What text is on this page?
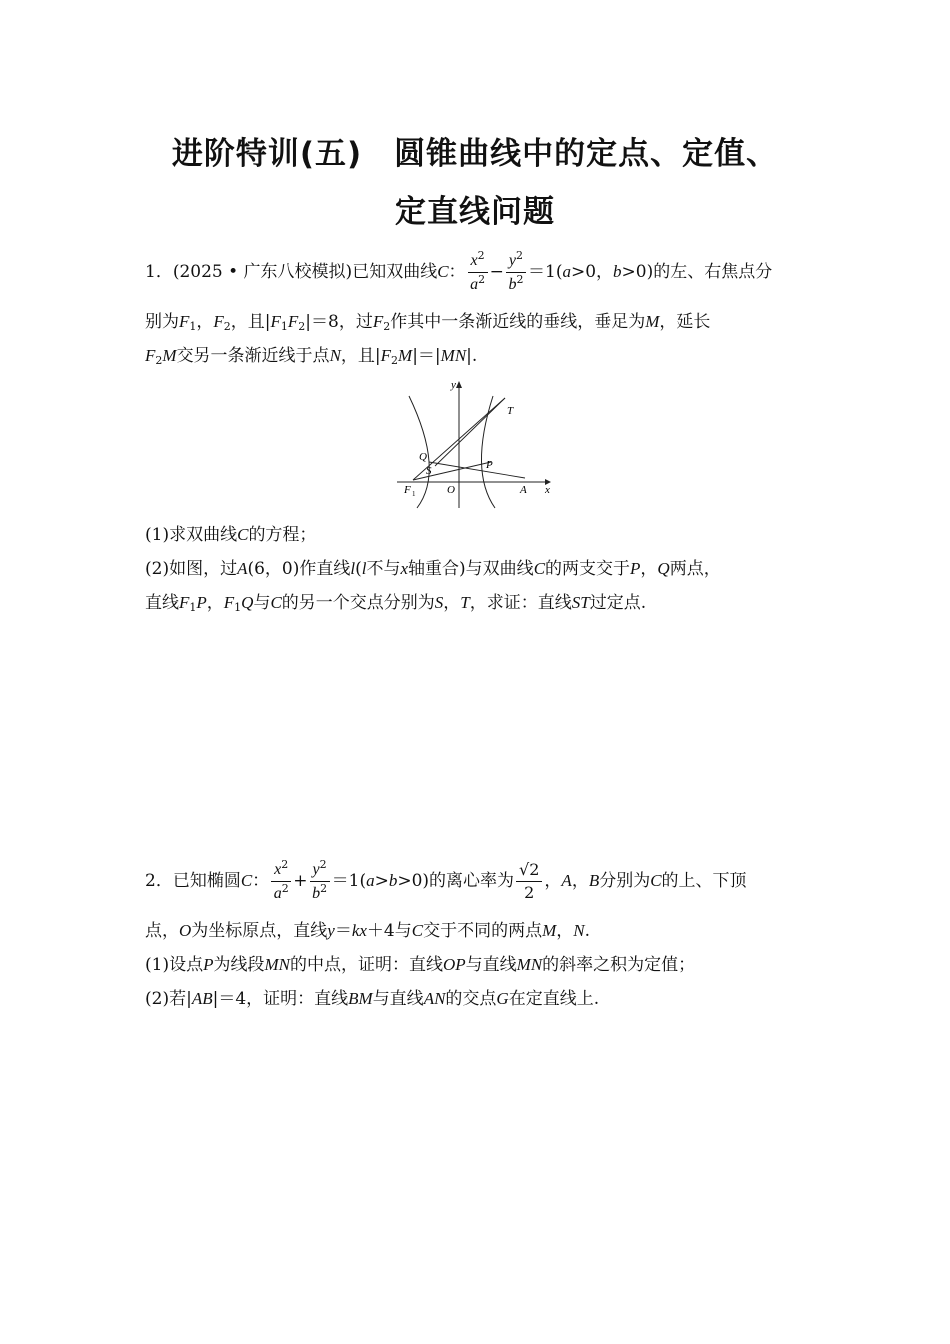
进阶特训(五)　圆锥曲线中的定点、定值、
定直线问题
1．(2025 • 广东八校模拟)已知双曲线C： $\frac{x^2}{a^2} - \frac{y^2}{b^2} =1(a>0$，b>0)的左、右焦点分
别为$F_1$，$F_2$，且$|F_1F_2|=8$，过$F_2$作其中一条渐近线的垂线，垂足为M，延长
$F_2M$交另一条渐近线于点N，且$|F_2M|=|MN|$.
y
x
T
Q
S	P
F 1	O	A
(1)求双曲线C的方程；
(2)如图，过A(6，0)作直线l(l不与x轴重合)与双曲线C的两支交于P，Q两点，
直线$F_1P$，$F_1Q$与C的另一个交点分别为S，T，求证：直线ST过定点.
2．已知椭圆C： $\frac{x^2}{a^2} + \frac{y^2}{b^2} =1(a>b>0)$的离心率为 $\frac{√2}{2}$ ，A，B分别为C的上、下顶
点，O为坐标原点，直线y＝kx＋4与C交于不同的两点M，N.
(1)设点P为线段MN的中点，证明：直线OP与直线MN的斜率之积为定值；
(2)若|AB|＝4，证明：直线BM与直线AN的交点G在定直线上.
